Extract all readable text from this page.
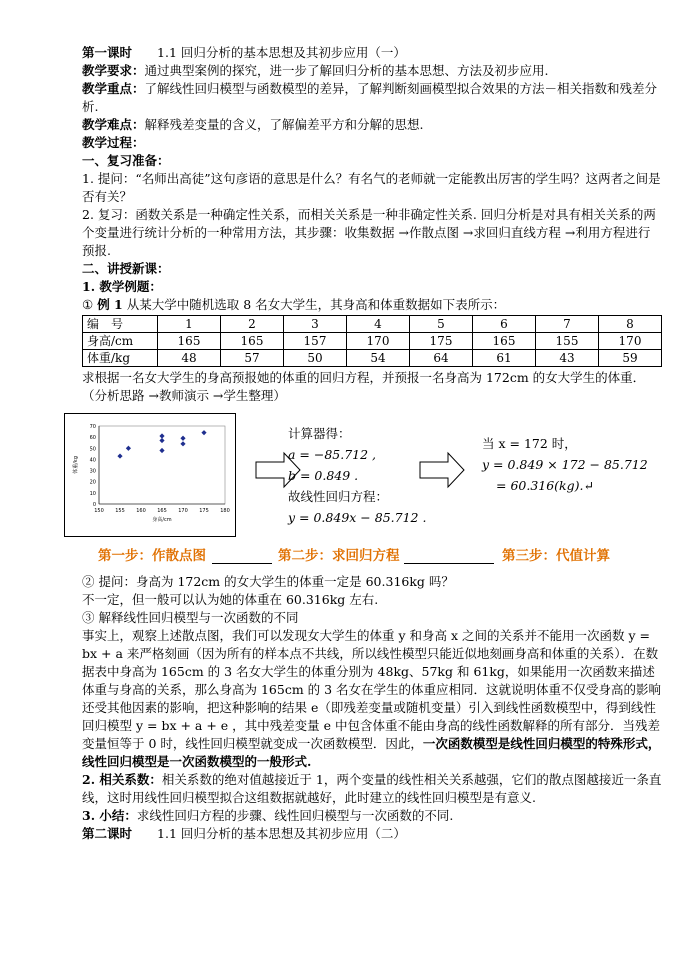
第一课时　　 1.1 回归分析的基本思想及其初步应用（一）

教学要求：通过典型案例的探究，进一步了解回归分析的基本思想、方法及初步应用.

教学重点：了解线性回归模型与函数模型的差异，了解判断刻画模型拟合效果的方法－相关指数和残差分析.

教学难点：解释残差变量的含义，了解偏差平方和分解的思想.

教学过程：

一、复习准备：

1. 提问：“名师出高徒”这句彦语的意思是什么？有名气的老师就一定能教出厉害的学生吗？这两者之间是否有关？

2. 复习：函数关系是一种确定性关系，而相关关系是一种非确定性关系. 回归分析是对具有相关关系的两个变量进行统计分析的一种常用方法，其步骤：收集数据 →作散点图 →求回归直线方程 →利用方程进行预报.

二、讲授新课：

1. 教学例题：

① 例 1 从某大学中随机选取 8 名女大学生，其身高和体重数据如下表所示：

编　号	1	2	3	4	5	6	7	8
身高/cm	165	165	157	170	175	165	155	170
体重/kg	48	57	50	54	64	61	43	59

求根据一名女大学生的身高预报她的体重的回归方程，并预报一名身高为 172cm 的女大学生的体重．（分析思路 →教师演示 →学生整理）

0
10
20
30
40
50
60
70
150 155 160 165 170 175 180
身高/cm
体重/kg
计算器得：
a = −85.712 ,
b = 0.849 .
故线性回归方程：
y = 0.849x − 85.712 .
当 x = 172 时，
y = 0.849 × 172 − 85.712
= 60.316(kg).↵
第一步：作散点图	第二步：求回归方程	第三步：代值计算

② 提问：身高为 172cm 的女大学生的体重一定是 60.316kg 吗？

不一定，但一般可以认为她的体重在 60.316kg 左右.

③ 解释线性回归模型与一次函数的不同

事实上，观察上述散点图，我们可以发现女大学生的体重 y 和身高 x 之间的关系并不能用一次函数 y = bx + a 来严格刻画（因为所有的样本点不共线，所以线性模型只能近似地刻画身高和体重的关系）．在数据表中身高为 165cm 的 3 名女大学生的体重分别为 48kg、57kg 和 61kg，如果能用一次函数来描述体重与身高的关系，那么身高为 165cm 的 3 名女在学生的体重应相同．这就说明体重不仅受身高的影响还受其他因素的影响，把这种影响的结果 e（即残差变量或随机变量）引入到线性函数模型中，得到线性回归模型 y = bx + a + e ，其中残差变量 e 中包含体重不能由身高的线性函数解释的所有部分．当残差变量恒等于 0 时，线性回归模型就变成一次函数模型．因此，一次函数模型是线性回归模型的特殊形式，线性回归模型是一次函数模型的一般形式.

2. 相关系数：相关系数的绝对值越接近于 1，两个变量的线性相关关系越强，它们的散点图越接近一条直线，这时用线性回归模型拟合这组数据就越好，此时建立的线性回归模型是有意义.

3. 小结：求线性回归方程的步骤、线性回归模型与一次函数的不同.

第二课时　　 1.1 回归分析的基本思想及其初步应用（二）
